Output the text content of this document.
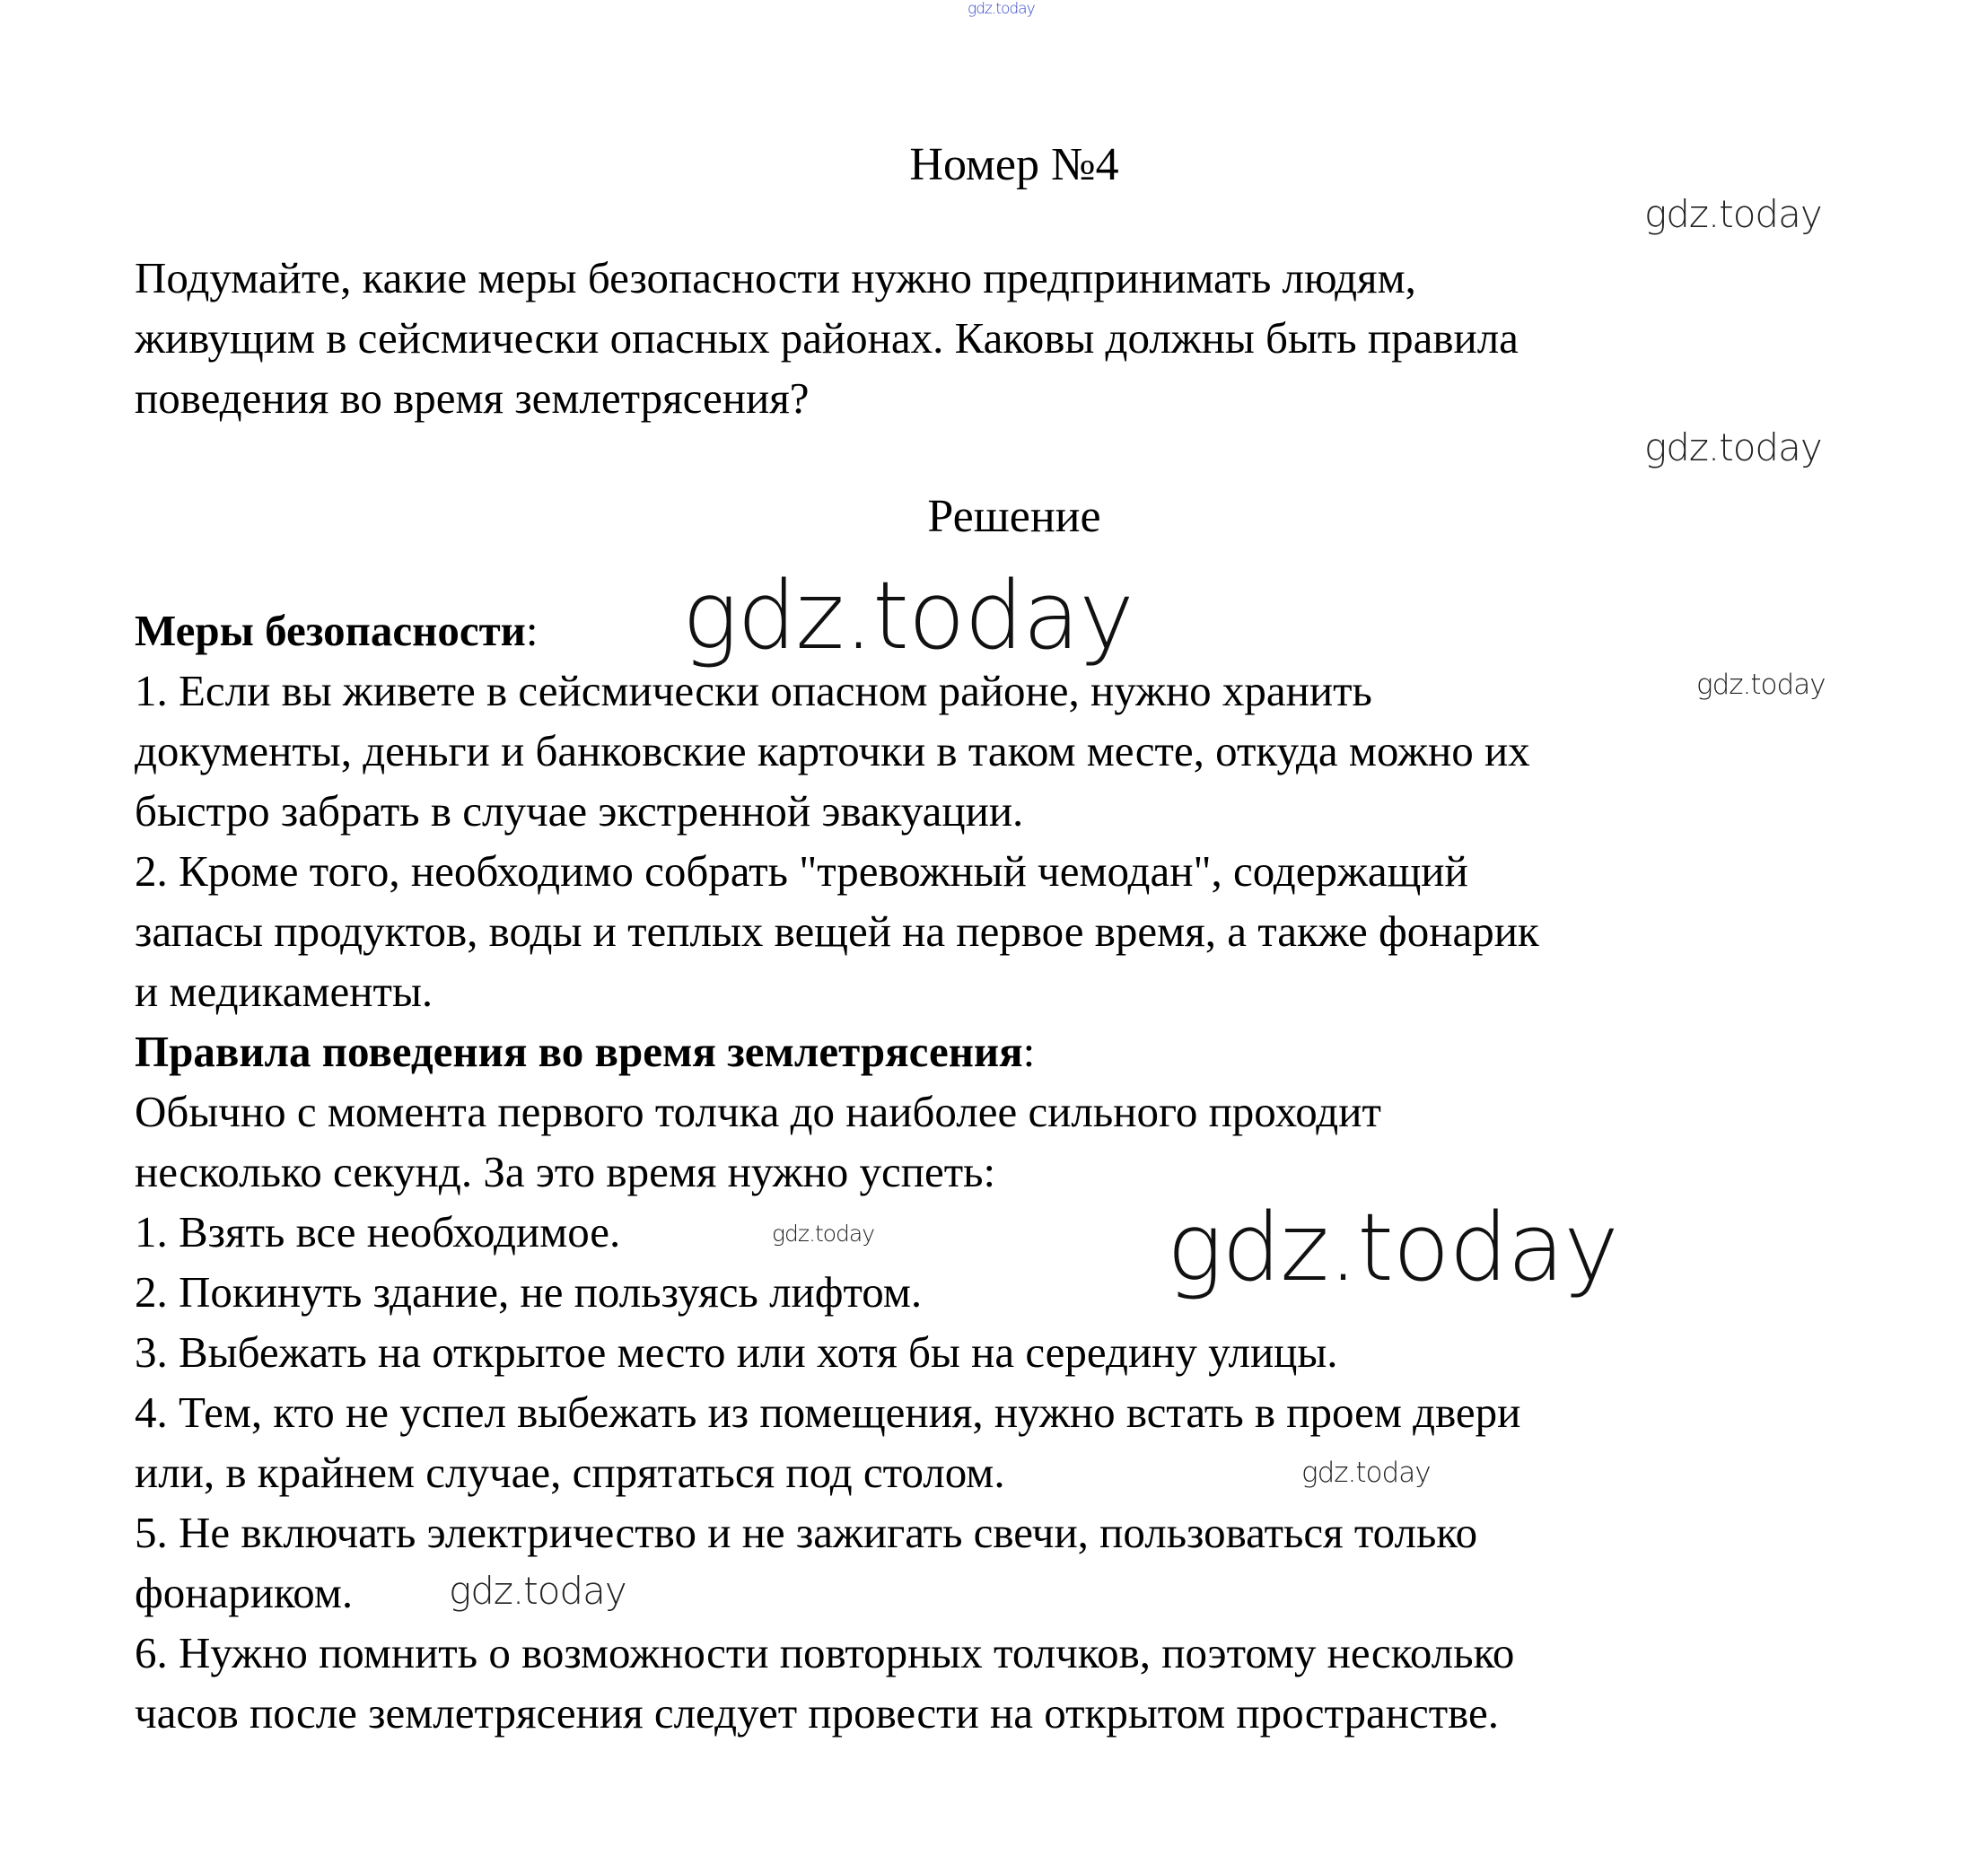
gdz.today
Номер №4
gdz.today
Подумайте, какие меры безопасности нужно предпринимать людям,
живущим в сейсмически опасных районах. Каковы должны быть правила
поведения во время землетрясения?
gdz.today
Решение
Меры безопасности: gdz.today
1. Если вы живете в сейсмически опасном районе, нужно хранить	gdz.today
документы, деньги и банковские карточки в таком месте, откуда можно их
быстро забрать в случае экстренной эвакуации.
2. Кроме того, необходимо собрать "тревожный чемодан", содержащий
запасы продуктов, воды и теплых вещей на первое время, а также фонарик
и медикаменты.
Правила поведения во время землетрясения:
Обычно с момента первого толчка до наиболее сильного проходит
несколько секунд. За это время нужно успеть:
1. Взять все необходимое.	gdz.today	gdz.today
2. Покинуть здание, не пользуясь лифтом.
3. Выбежать на открытое место или хотя бы на середину улицы.
4. Тем, кто не успел выбежать из помещения, нужно встать в проем двери
или, в крайнем случае, спрятаться под столом.	gdz.today
5. Не включать электричество и не зажигать свечи, пользоваться только
фонариком.	gdz.today
6. Нужно помнить о возможности повторных толчков, поэтому несколько
часов после землетрясения следует провести на открытом пространстве.
